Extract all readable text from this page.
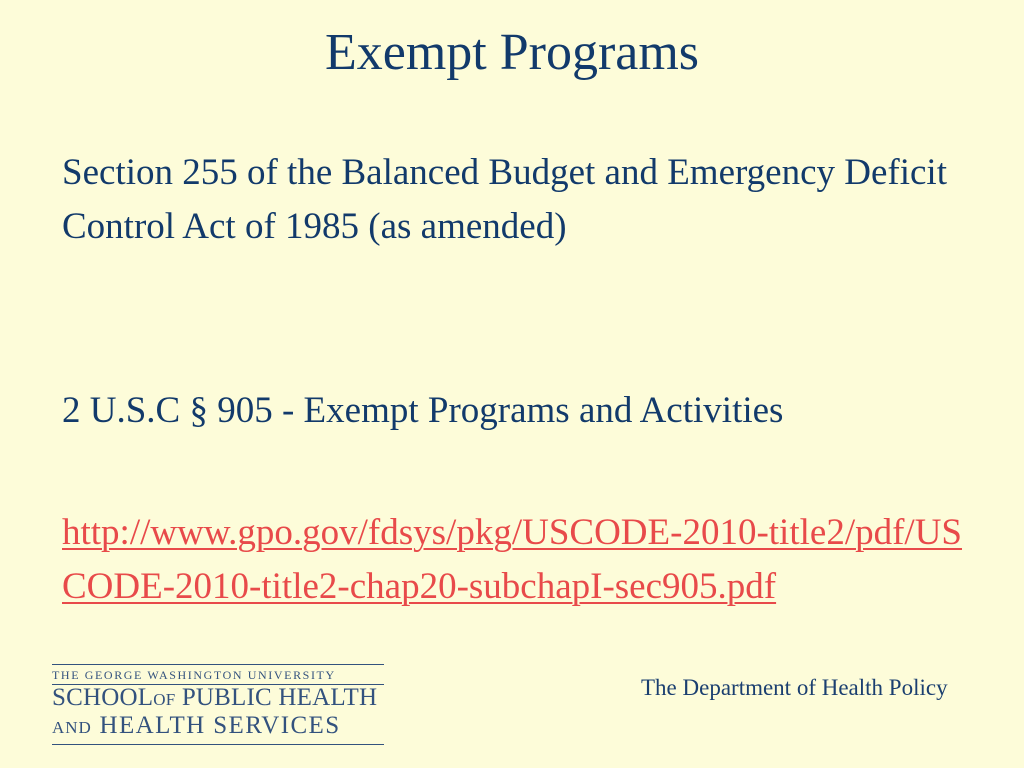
Exempt Programs

Section 255 of the Balanced Budget and Emergency Deficit Control Act of 1985 (as amended)

2 U.S.C § 905 - Exempt Programs and Activities

http://www.gpo.gov/fdsys/pkg/USCODE-2010-title2/pdf/USCODE-2010-title2-chap20-subchapI-sec905.pdf

THE GEORGE WASHINGTON UNIVERSITY
SCHOOLOF PUBLIC HEALTH
AND HEALTH SERVICES

The Department of Health Policy
